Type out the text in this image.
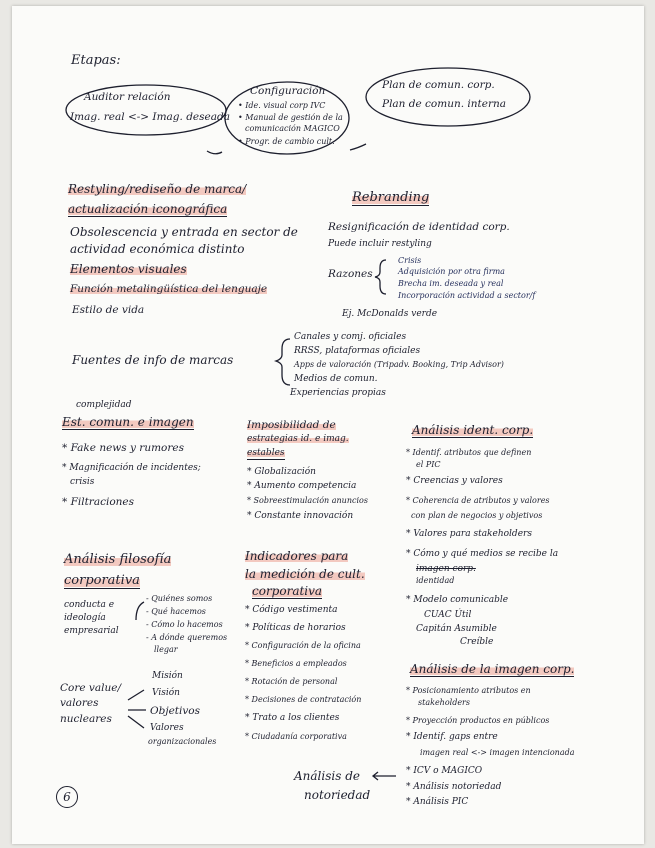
Etapas:
Auditor relación
Imag. real <-> Imag. deseada
Configuración
• Ide. visual corp IVC
• Manual de gestión de la
comunicación MAGICO
• Progr. de cambio cult.
Plan de comun. corp.
Plan de comun. interna
Restyling/rediseño de marca/
actualización iconográfica
Obsolescencia y entrada en sector de
actividad económica distinto
Elementos visuales
Función metalingüística del lenguaje
Estilo de vida
Rebranding
Resignificación de identidad corp.
Puede incluir restyling
Razones
Crisis
Adquisición por otra firma
Brecha im. deseada y real
Incorporación actividad a sector/f
Ej. McDonalds verde
Fuentes de info de marcas
Canales y comj. oficiales
RRSS, plataformas oficiales
Apps de valoración (Tripadv. Booking, Trip Advisor)
Medios de comun.
Experiencias propias
complejidad
Est. comun. e imagen
* Fake news y rumores
* Magnificación de incidentes;
crisis
* Filtraciones
Imposibilidad de
estrategias id. e imag.
estables
* Globalización
* Aumento competencia
* Sobreestimulación anuncios
* Constante innovación
Análisis ident. corp.
* Identif. atributos que definen
el PIC
* Creencias y valores
* Coherencia de atributos y valores
con plan de negocios y objetivos
* Valores para stakeholders
* Cómo y qué medios se recibe la
imagen corp.
identidad
* Modelo comunicable
CUAC Útil
Capitán Asumible
Creíble
Análisis filosofía
corporativa
conducta e
ideología
empresarial
- Quiénes somos
- Qué hacemos
- Cómo lo hacemos
- A dónde queremos
llegar
Core value/
valores
nucleares
Misión
Visión
Objetivos
Valores
organizacionales
Indicadores para
la medición de cult.
corporativa
* Código vestimenta
* Políticas de horarios
* Configuración de la oficina
* Beneficios a empleados
* Rotación de personal
* Decisiones de contratación
* Trato a los clientes
* Ciudadanía corporativa
Análisis de la imagen corp.
* Posicionamiento atributos en
stakeholders
* Proyección productos en públicos
* Identif. gaps entre
imagen real <-> imagen intencionada
* ICV o MAGICO
* Análisis notoriedad
* Análisis PIC
Análisis de
notoriedad
6
